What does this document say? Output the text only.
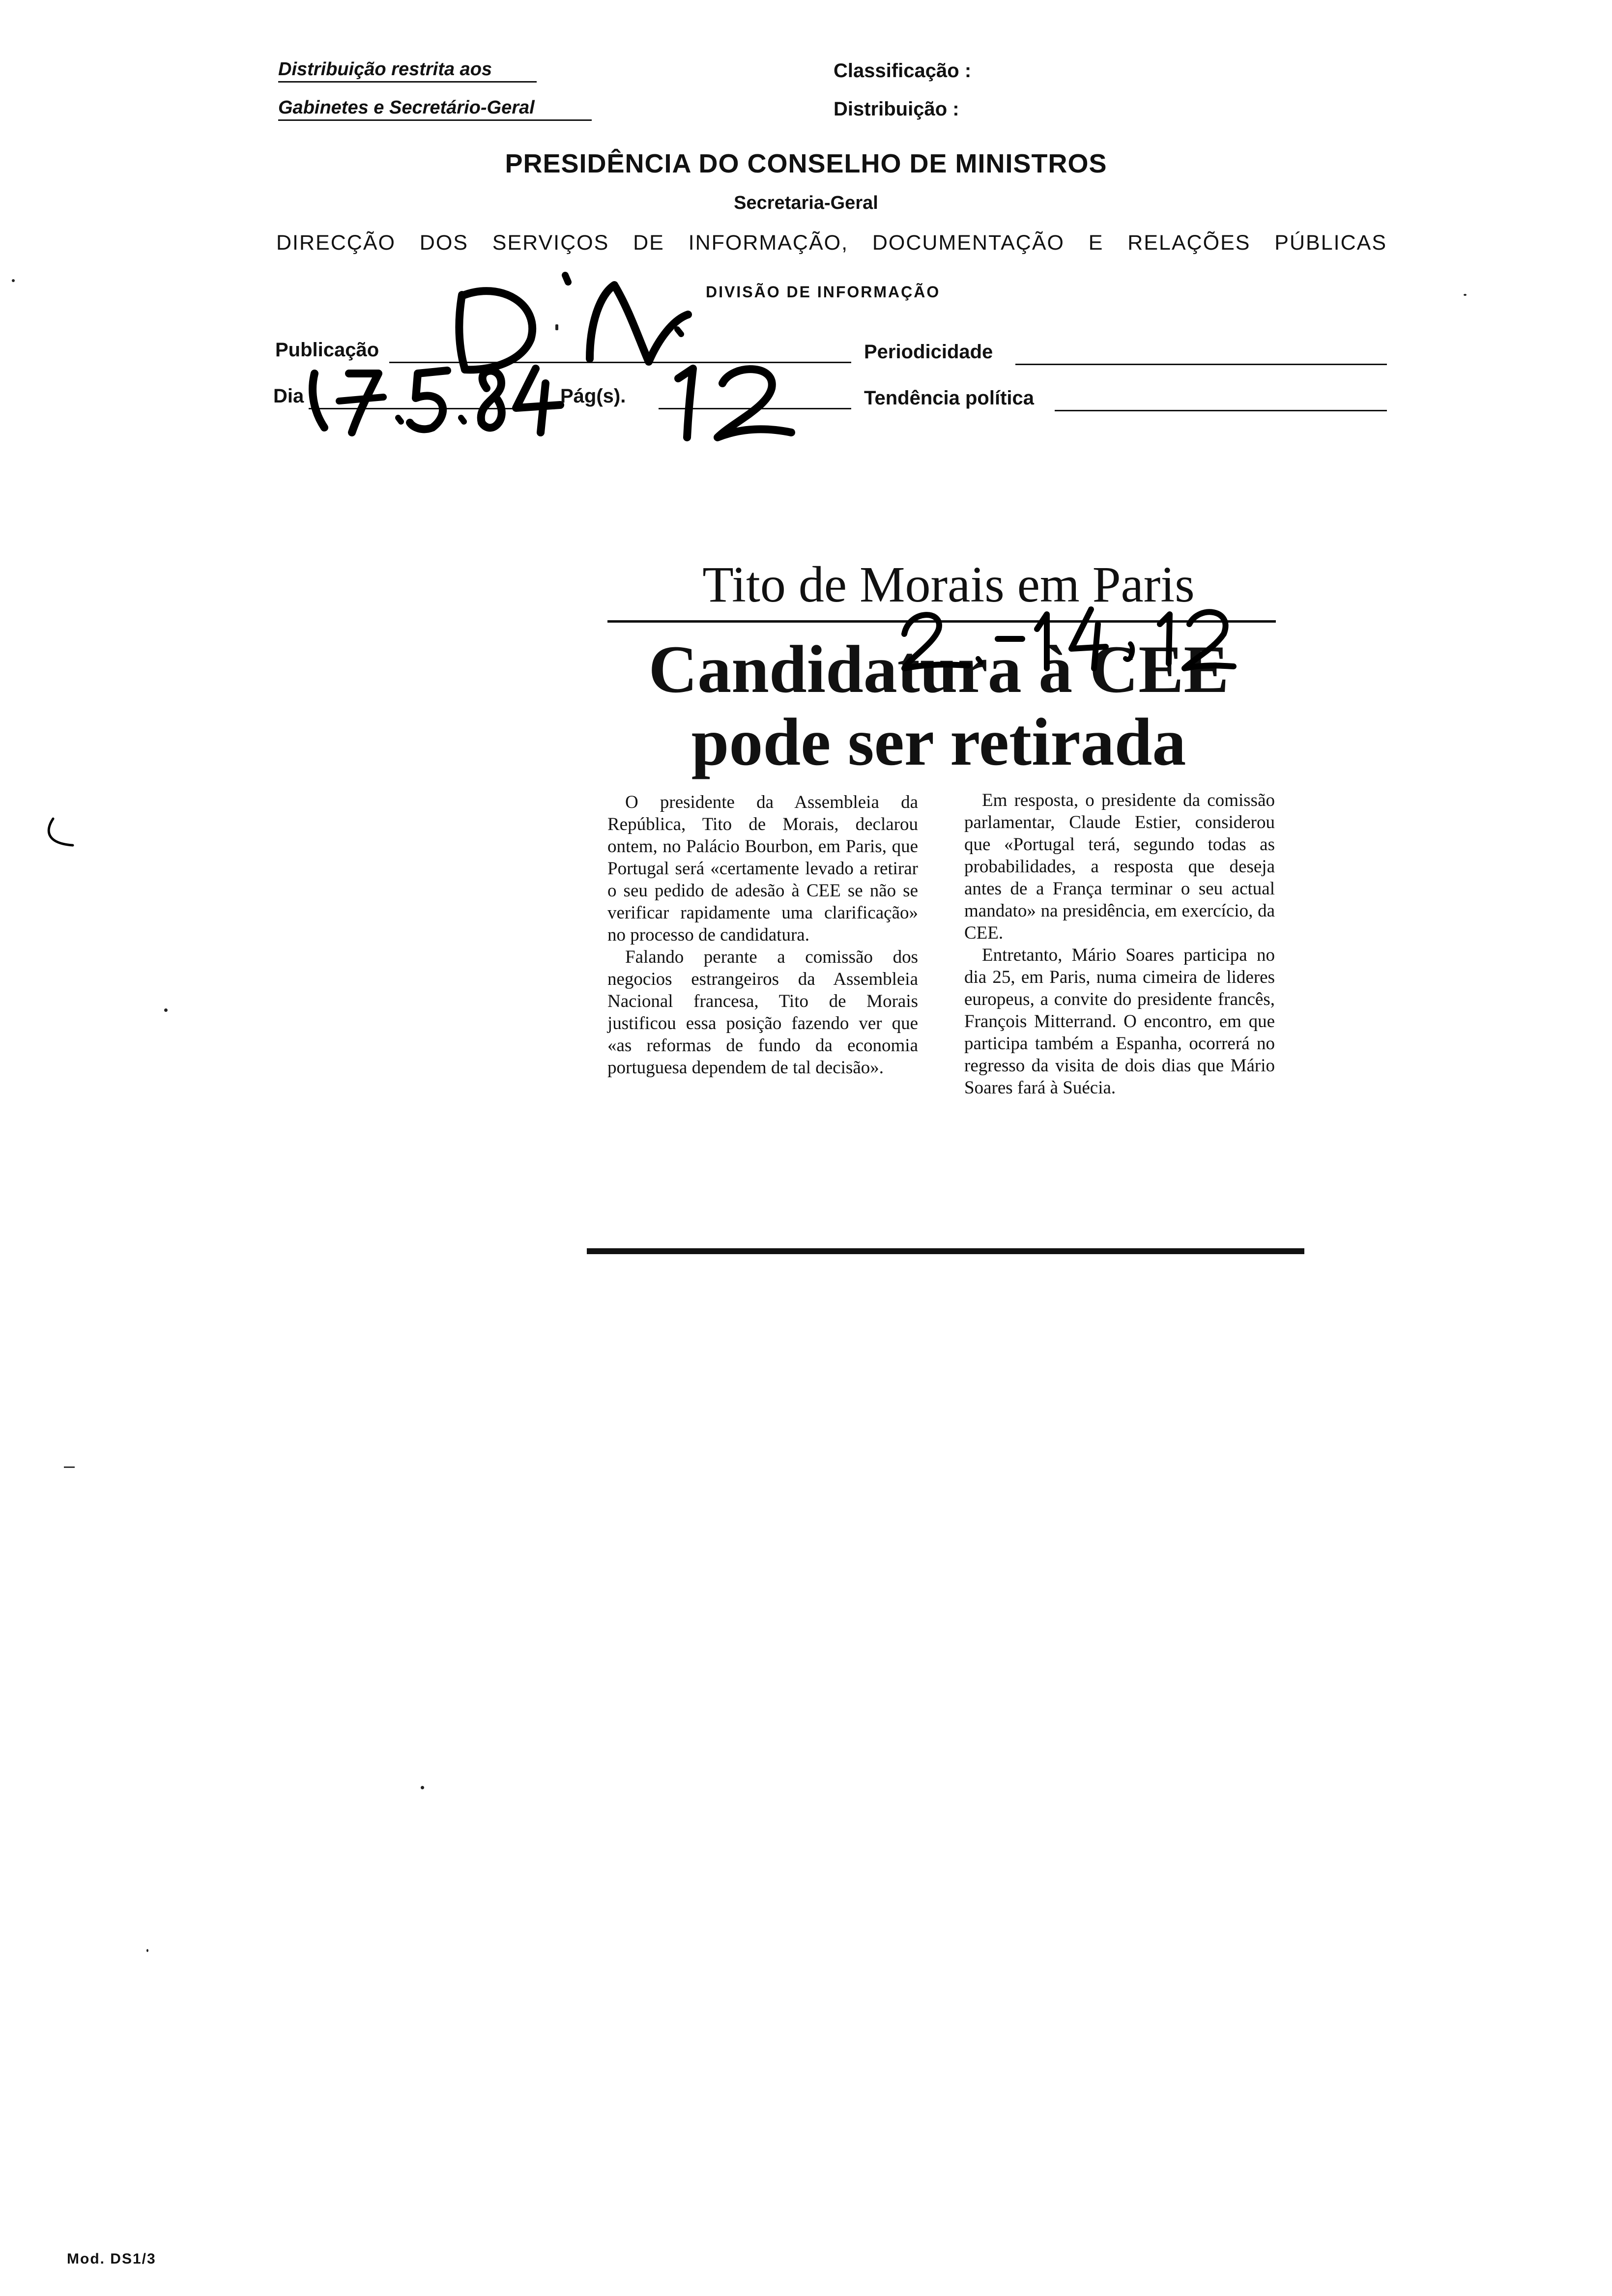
Distribuição restrita aos
Gabinetes e Secretário-Geral
Classificação :
Distribuição :
PRESIDÊNCIA DO CONSELHO DE MINISTROS
Secretaria-Geral
DIRECÇÃO DOS SERVIÇOS DE INFORMAÇÃO, DOCUMENTAÇÃO E RELAÇÕES PÚBLICAS
DIVISÃO DE INFORMAÇÃO
Publicação	Periodicidade
Dia	Pág(s).	Tendência política
Tito de Morais em Paris
Candidatura à CEE
pode ser retirada

O presidente da Assembleia da República, Tito de Morais, declarou ontem, no Palácio Bourbon, em Paris, que Portugal será «certamente levado a retirar o seu pedido de adesão à CEE se não se verificar rapidamente uma clarificação» no processo de candidatura.

Falando perante a comissão dos negocios estrangeiros da Assembleia Nacional francesa, Tito de Morais justificou essa posição fazendo ver que «as reformas de fundo da economia portuguesa dependem de tal decisão».

Em resposta, o presidente da comissão parlamentar, Claude Estier, considerou que «Portugal terá, segundo todas as probabilidades, a resposta que deseja antes de a França terminar o seu actual mandato» na presidência, em exercício, da CEE.

Entretanto, Mário Soares participa no dia 25, em Paris, numa cimeira de lideres europeus, a convite do presidente francês, François Mitterrand. O encontro, em que participa também a Espanha, ocorrerá no regresso da visita de dois dias que Mário Soares fará à Suécia.

Mod. DS1/3
